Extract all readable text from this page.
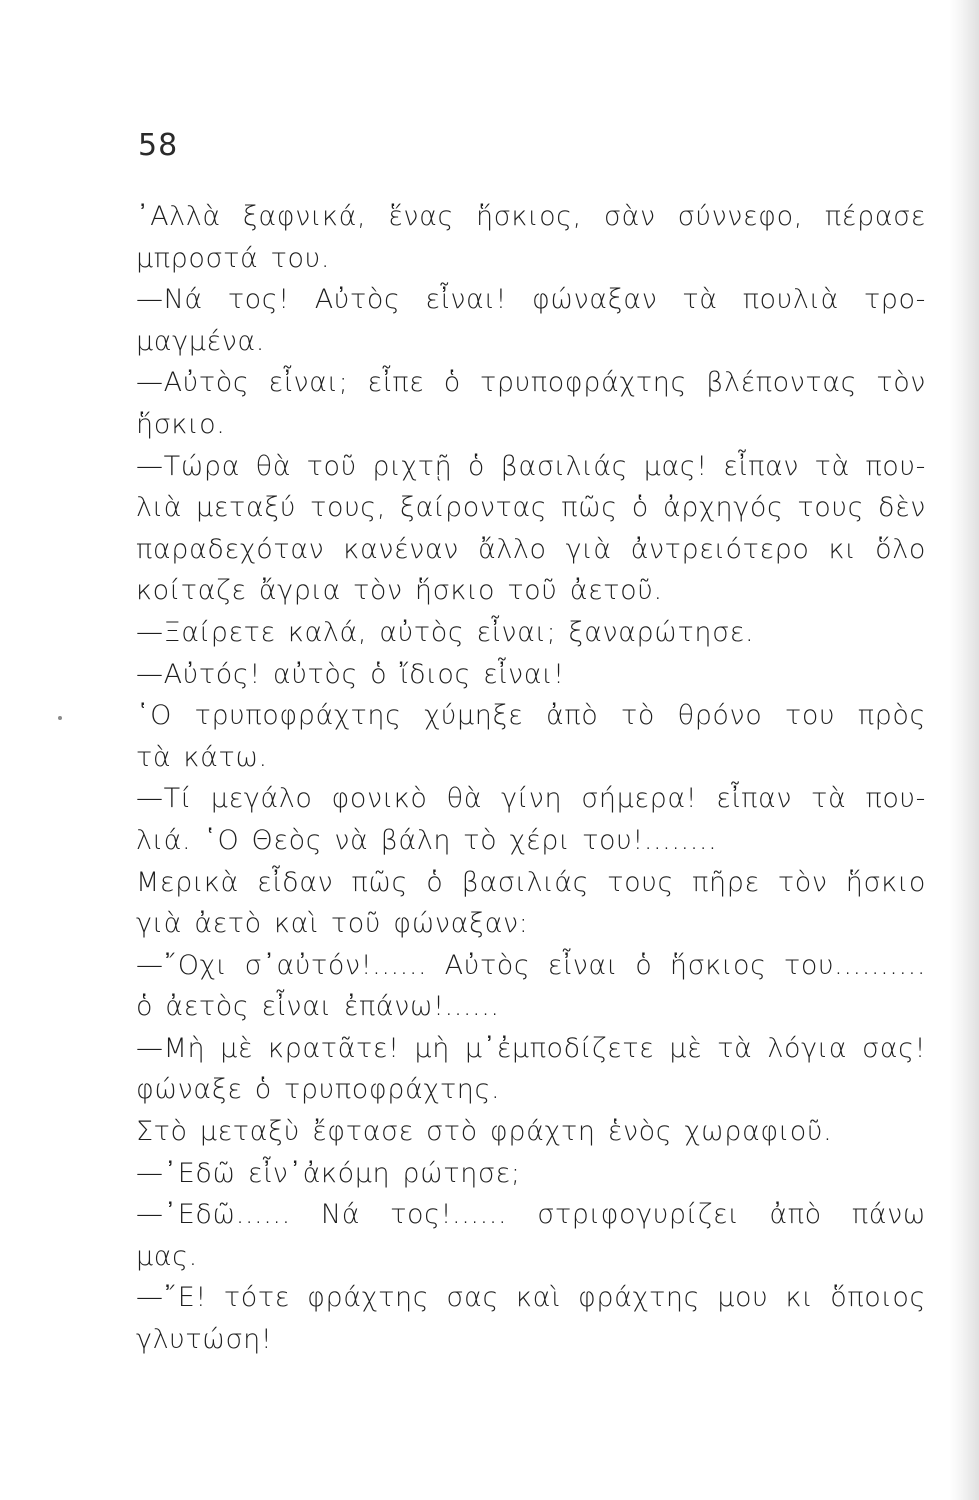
58
᾽Αλλὰ ξαφνικά, ἕνας ἥσκιος, σὰν σύννεφο, πέρασε
μπροστά του.
—Νά τος! Αὐτὸς εἶναι! φώναξαν τὰ πουλιὰ τρο-
μαγμένα.
—Αὐτὸς εἶναι; εἶπε ὁ τρυποφράχτης βλέποντας τὸν
ἥσκιο.
—Τώρα θὰ τοῦ ριχτῇ ὁ βασιλιάς μας! εἶπαν τὰ που-
λιὰ μεταξύ τους, ξαίροντας πῶς ὁ ἀρχηγός τους δὲν
παραδεχόταν κανέναν ἄλλο γιὰ ἀντρειότερο κι ὅλο
κοίταζε ἄγρια τὸν ἥσκιο τοῦ ἀετοῦ.
—Ξαίρετε καλά, αὐτὸς εἶναι; ξαναρώτησε.
—Αὐτός! αὐτὸς ὁ ἴδιος εἶναι!
῾Ο τρυποφράχτης χύμηξε ἀπὸ τὸ θρόνο του πρὸς
τὰ κάτω.
—Τί μεγάλο φονικὸ θὰ γίνη σήμερα! εἶπαν τὰ που-
λιά. ῾Ο Θεὸς νὰ βάλη τὸ χέρι του!........
Μερικὰ εἶδαν πῶς ὁ βασιλιάς τους πῆρε τὸν ἥσκιο
γιὰ ἀετὸ καὶ τοῦ φώναξαν:
—῎Οχι σ᾽αὐτόν!...... Αὐτὸς εἶναι ὁ ἥσκιος του..........
ὁ ἀετὸς εἶναι ἐπάνω!......
—Μὴ μὲ κρατᾶτε! μὴ μ᾽ἐμποδίζετε μὲ τὰ λόγια σας!
φώναξε ὁ τρυποφράχτης.
Στὸ μεταξὺ ἔφτασε στὸ φράχτη ἑνὸς χωραφιοῦ.
—᾽Εδῶ εἶν᾽ἀκόμη ρώτησε;
—᾽Εδῶ...... Νά τος!...... στριφογυρίζει ἀπὸ πάνω
μας.
—῎Ε! τότε φράχτης σας καὶ φράχτης μου κι ὅποιος
γλυτώση!
